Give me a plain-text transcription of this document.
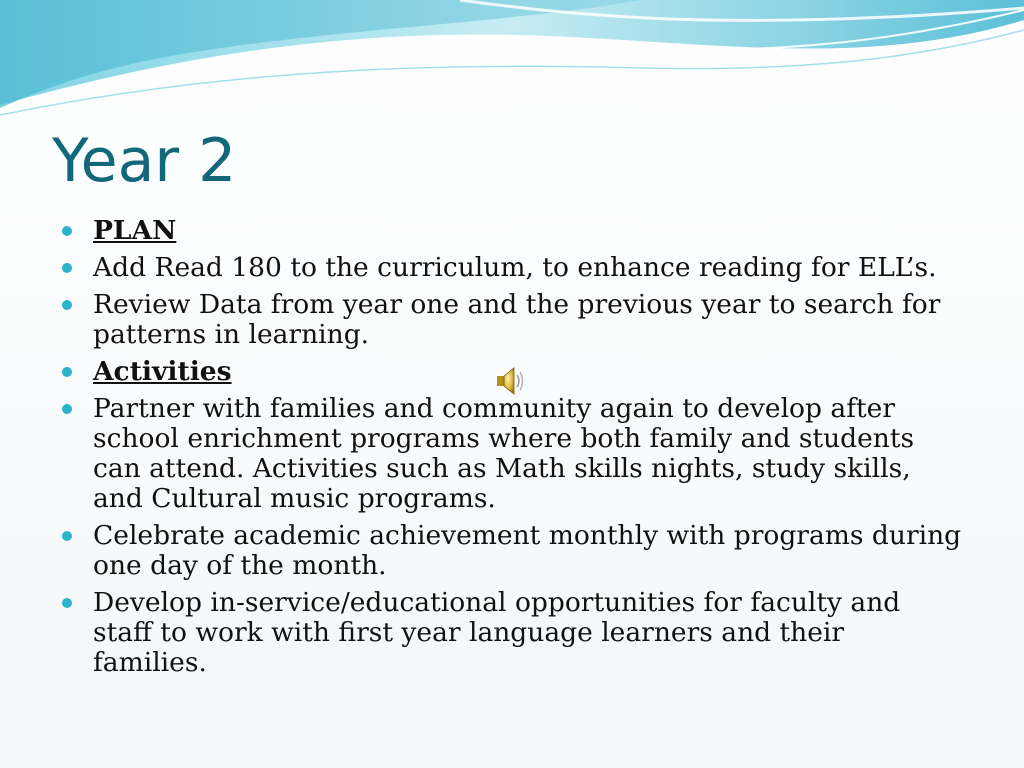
Year 2
PLAN
Add Read 180 to the curriculum, to enhance reading for ELL’s.
Review Data from year one and the previous year to search for patterns in learning.
Activities
Partner with families and community again to develop after school enrichment programs where both family and students can attend. Activities such as Math skills nights, study skills, and Cultural music programs.
Celebrate academic achievement monthly with programs during one day of the month.
Develop in-service/educational opportunities for faculty and staff to work with first year language learners and their families.
